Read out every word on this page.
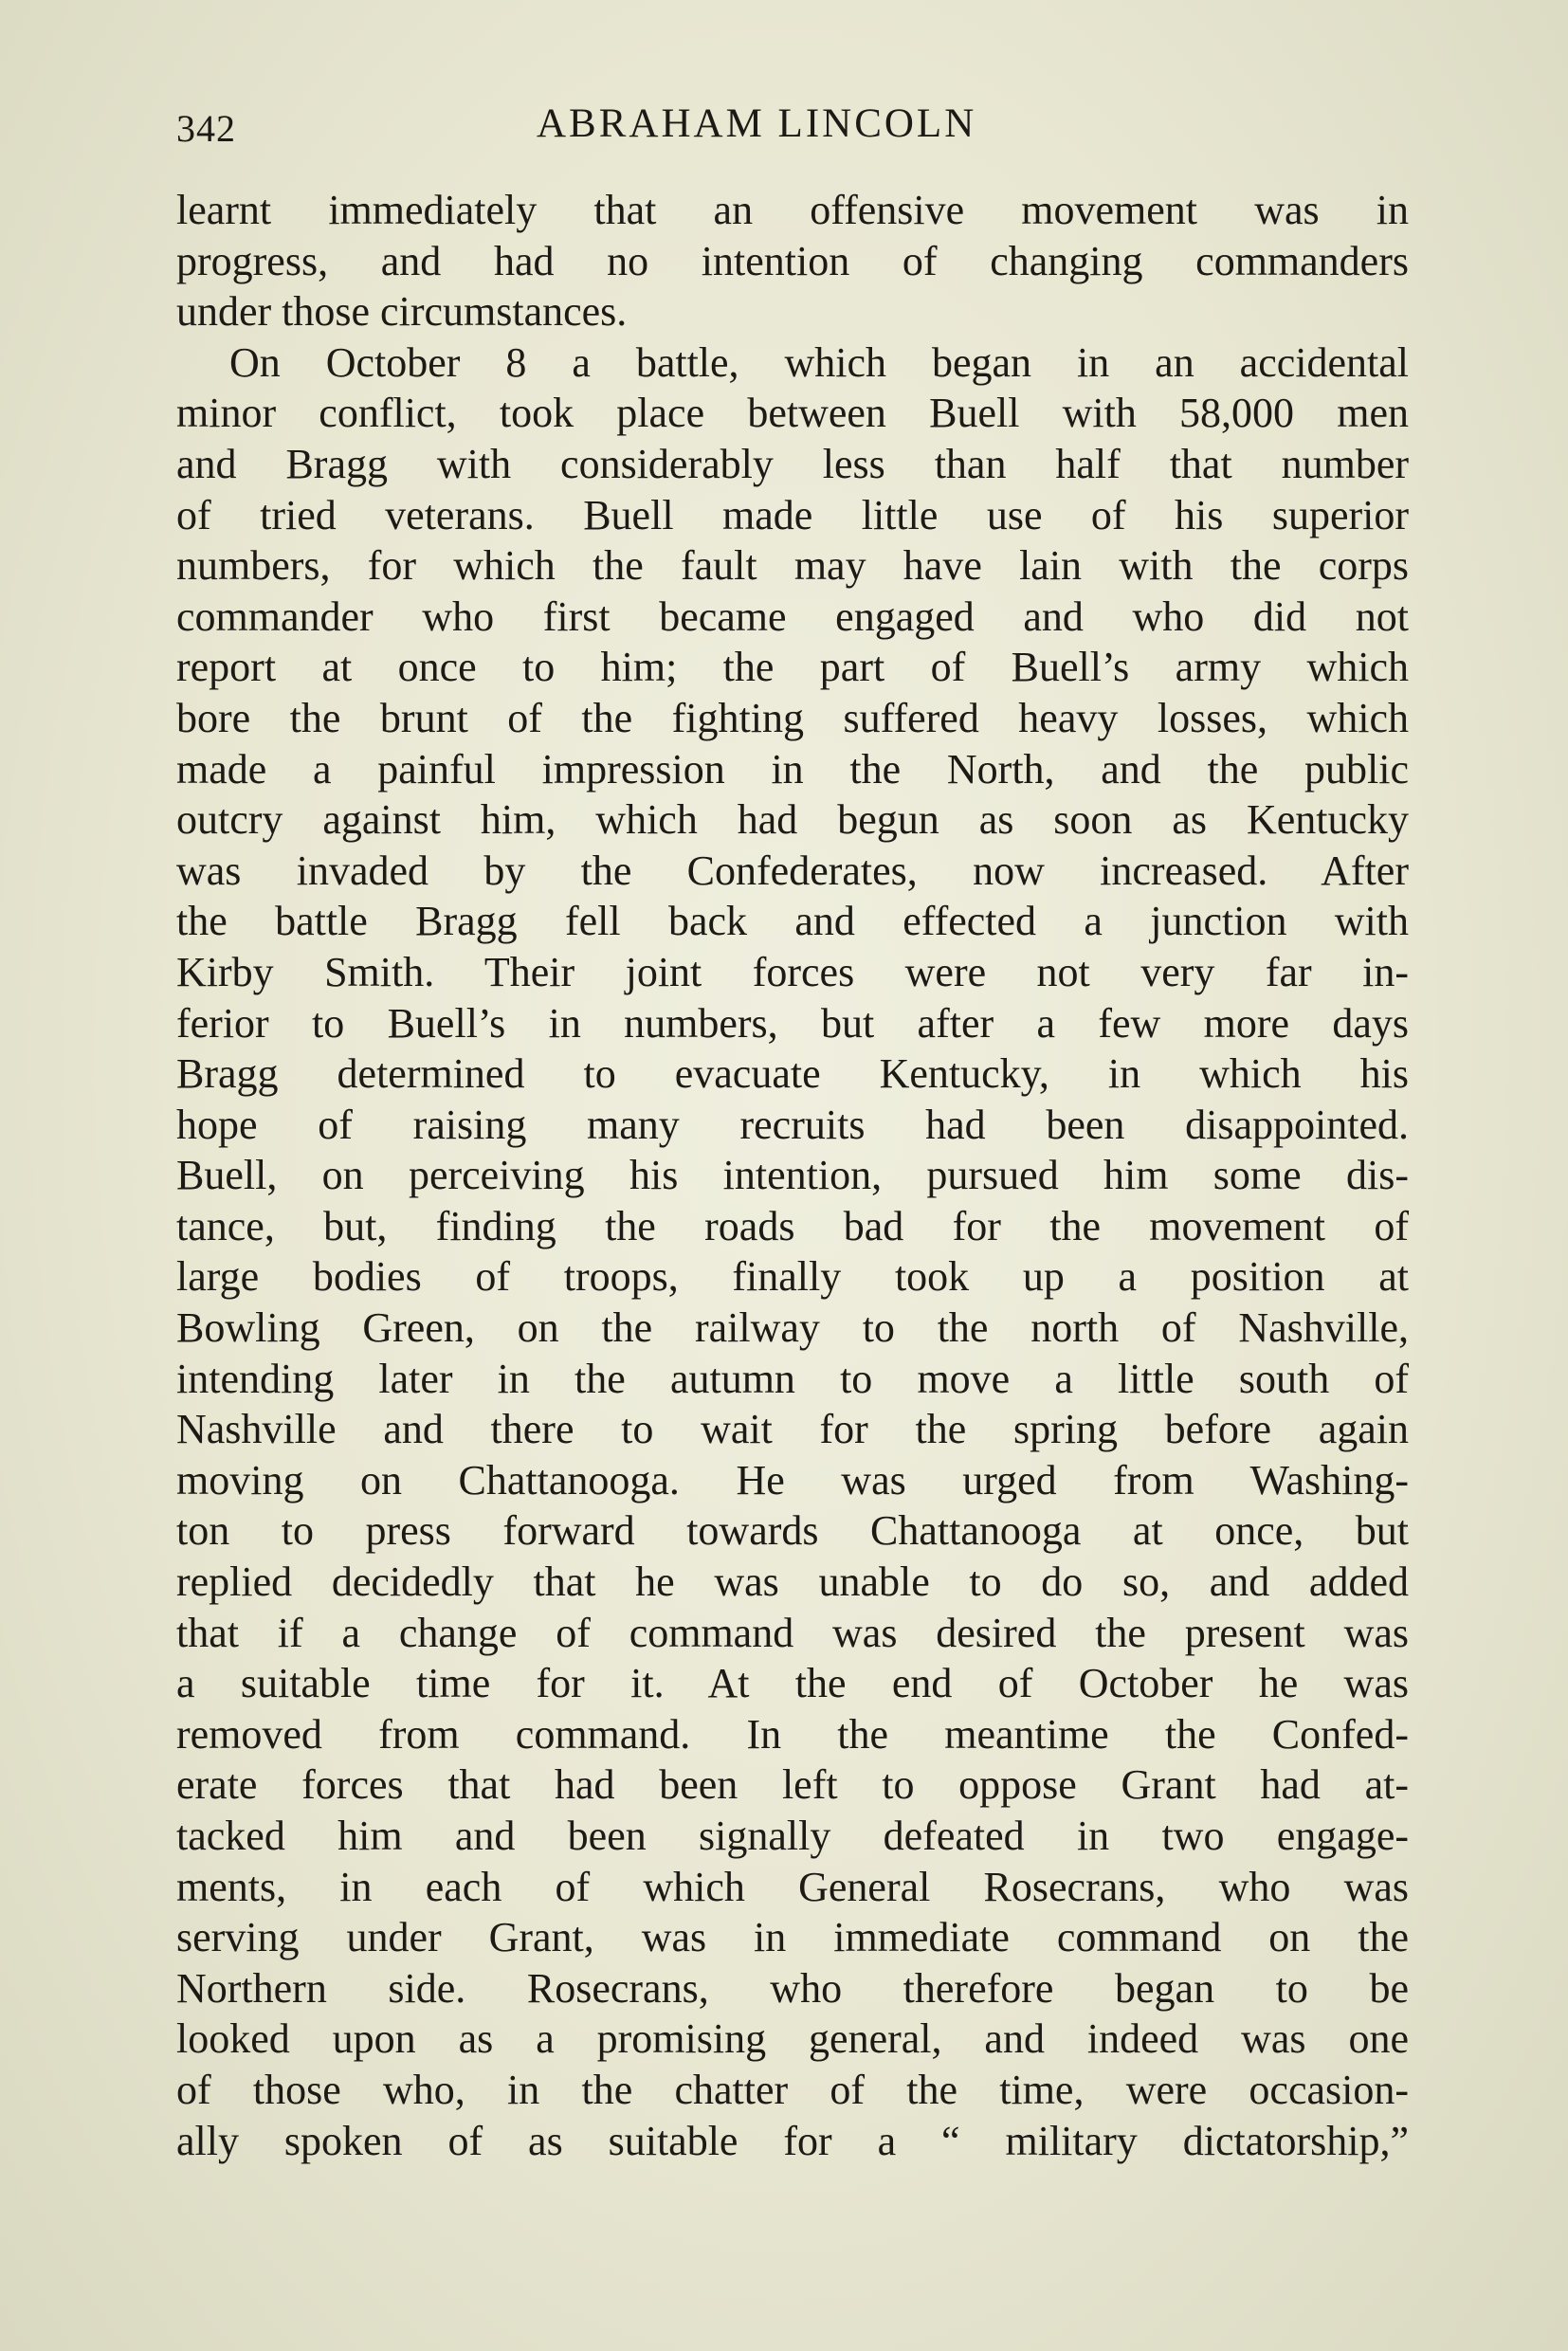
342	ABRAHAM LINCOLN
learnt immediately that an offensive movement was in
progress, and had no intention of changing commanders
under those circumstances.
On October 8 a battle, which began in an accidental
minor conflict, took place between Buell with 58,000 men
and Bragg with considerably less than half that number
of tried veterans. Buell made little use of his superior
numbers, for which the fault may have lain with the corps
commander who first became engaged and who did not
report at once to him; the part of Buell’s army which
bore the brunt of the fighting suffered heavy losses, which
made a painful impression in the North, and the public
outcry against him, which had begun as soon as Kentucky
was invaded by the Confederates, now increased. After
the battle Bragg fell back and effected a junction with
Kirby Smith. Their joint forces were not very far in-
ferior to Buell’s in numbers, but after a few more days
Bragg determined to evacuate Kentucky, in which his
hope of raising many recruits had been disappointed.
Buell, on perceiving his intention, pursued him some dis-
tance, but, finding the roads bad for the movement of
large bodies of troops, finally took up a position at
Bowling Green, on the railway to the north of Nashville,
intending later in the autumn to move a little south of
Nashville and there to wait for the spring before again
moving on Chattanooga. He was urged from Washing-
ton to press forward towards Chattanooga at once, but
replied decidedly that he was unable to do so, and added
that if a change of command was desired the present was
a suitable time for it. At the end of October he was
removed from command. In the meantime the Confed-
erate forces that had been left to oppose Grant had at-
tacked him and been signally defeated in two engage-
ments, in each of which General Rosecrans, who was
serving under Grant, was in immediate command on the
Northern side. Rosecrans, who therefore began to be
looked upon as a promising general, and indeed was one
of those who, in the chatter of the time, were occasion-
ally spoken of as suitable for a “ military dictatorship,”
